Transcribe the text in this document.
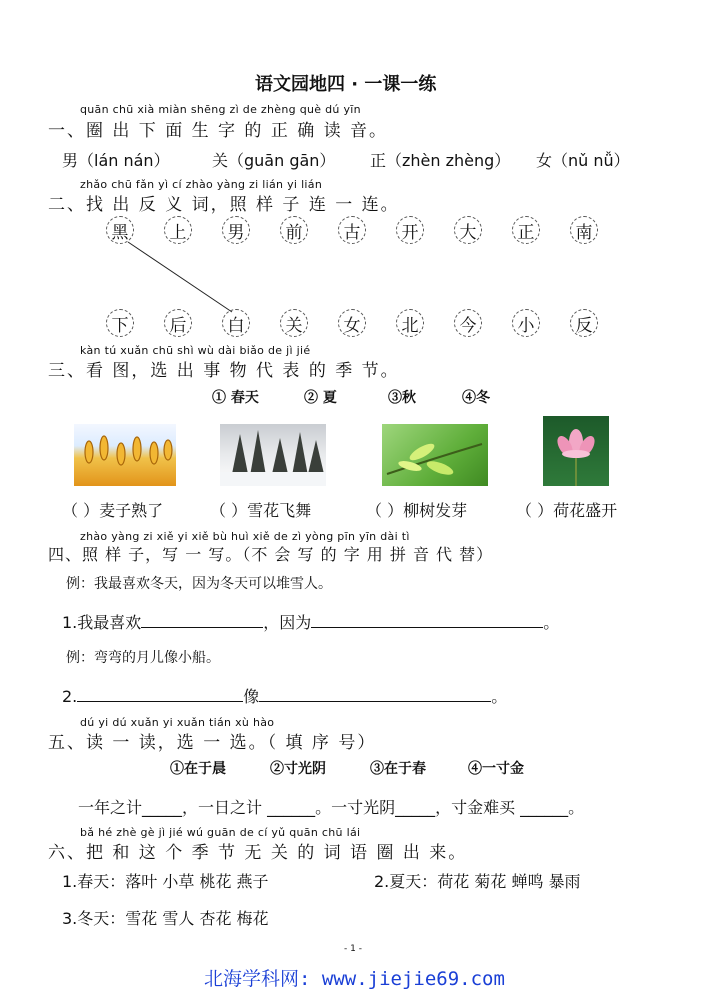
语文园地四 · 一课一练
quān chū xià miàn shēng zì de zhèng què dú yīn
一、圈 出 下 面 生 字 的 正 确 读 音。
男（lán nán）	关（guān gān） 正（zhèn zhèng） 女（nǔ nǚ）
zhǎo chū fǎn yì cí zhào yàng zi lián yi lián
二、找 出 反 义 词，照 样 子 连 一 连。
黑	上	男	前	古	开	大	正	南
下	后	白	关	女	北	今	小	反
kàn tú xuǎn chū shì wù dài biǎo de jì jié
三、看 图，选 出 事 物 代 表 的 季 节。
① 春天	② 夏	③秋	④冬
（ ）麦子熟了	（ ）雪花飞舞	（ ）柳树发芽	（ ）荷花盛开
zhào yàng zi xiě yi xiě bù huì xiě de zì yòng pīn yīn dài tì
四、照 样 子，写 一 写。（不 会 写 的 字 用 拼 音 代 替）
例：我最喜欢冬天，因为冬天可以堆雪人。
1.我最喜欢	，因为	。
例：弯弯的月儿像小船。
2.	像	。
dú yi dú xuǎn yi xuǎn tián xù hào
五、读 一 读，选 一 选。（ 填 序 号）
①在于晨	②寸光阴	③在于春	④一寸金
一年之计_____，一日之计 ______。一寸光阴_____，寸金难买 ______。
bǎ hé zhè gè jì jié wú guān de cí yǔ quān chū lái
六、把 和 这 个 季 节 无 关 的 词 语 圈 出 来。
1.春天：落叶 小草 桃花 燕子	2.夏天：荷花 菊花 蝉鸣 暴雨
3.冬天：雪花 雪人 杏花 梅花
- 1 -
北海学科网: www.jiejie69.com
